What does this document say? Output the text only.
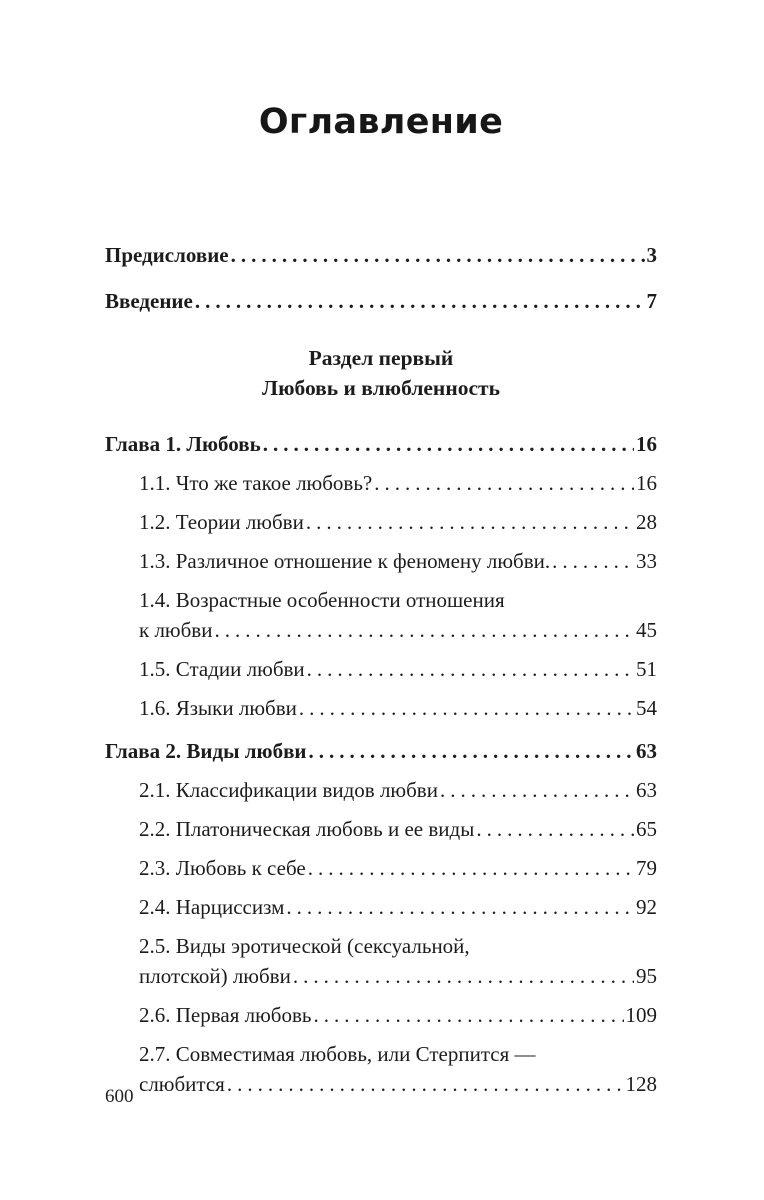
Оглавление
Предисловие .....	3
Введение .....	7
Раздел первый
Любовь и влюбленность
Глава 1. Любовь .....	16
1.1. Что же такое любовь? .....	16
1.2. Теории любви .....	28
1.3. Различное отношение к феномену любви. .....	33
1.4. Возрастные особенности отношения
к любви .....	45
1.5. Стадии любви .....	51
1.6. Языки любви .....	54
Глава 2. Виды любви .....	63
2.1. Классификации видов любви .....	63
2.2. Платоническая любовь и ее виды .....	65
2.3. Любовь к себе .....	79
2.4. Нарциссизм .....	92
2.5. Виды эротической (сексуальной,
плотской) любви .....	95
2.6. Первая любовь .....	109
2.7. Совместимая любовь, или Стерпится —
слюбится .....	128
600
